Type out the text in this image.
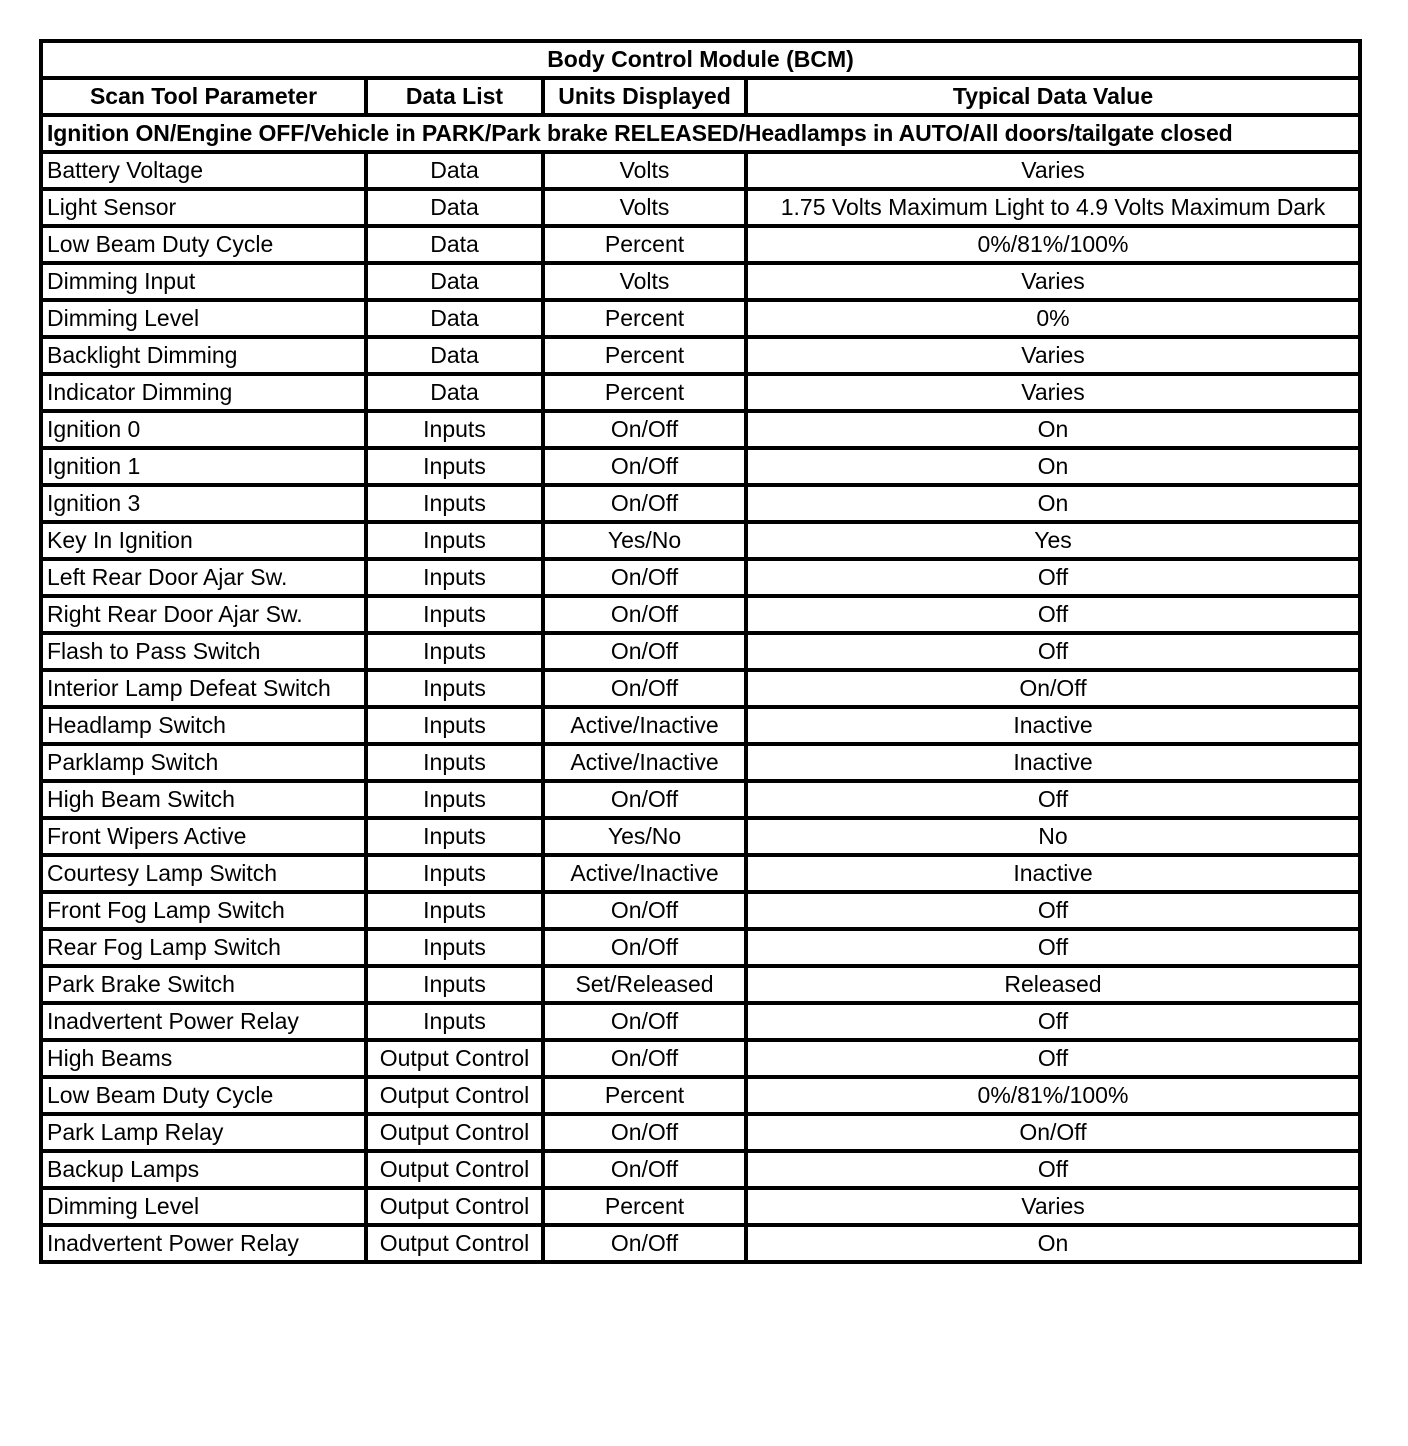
Body Control Module (BCM)			
Scan Tool Parameter	Data List	Units Displayed	Typical Data Value
Ignition ON/Engine OFF/Vehicle in PARK/Park brake RELEASED/Headlamps in AUTO/All doors/tailgate closed			
Battery Voltage	Data	Volts	Varies
Light Sensor	Data	Volts	1.75 Volts Maximum Light to 4.9 Volts Maximum Dark
Low Beam Duty Cycle	Data	Percent	0%/81%/100%
Dimming Input	Data	Volts	Varies
Dimming Level	Data	Percent	0%
Backlight Dimming	Data	Percent	Varies
Indicator Dimming	Data	Percent	Varies
Ignition 0	Inputs	On/Off	On
Ignition 1	Inputs	On/Off	On
Ignition 3	Inputs	On/Off	On
Key In Ignition	Inputs	Yes/No	Yes
Left Rear Door Ajar Sw.	Inputs	On/Off	Off
Right Rear Door Ajar Sw.	Inputs	On/Off	Off
Flash to Pass Switch	Inputs	On/Off	Off
Interior Lamp Defeat Switch	Inputs	On/Off	On/Off
Headlamp Switch	Inputs	Active/Inactive	Inactive
Parklamp Switch	Inputs	Active/Inactive	Inactive
High Beam Switch	Inputs	On/Off	Off
Front Wipers Active	Inputs	Yes/No	No
Courtesy Lamp Switch	Inputs	Active/Inactive	Inactive
Front Fog Lamp Switch	Inputs	On/Off	Off
Rear Fog Lamp Switch	Inputs	On/Off	Off
Park Brake Switch	Inputs	Set/Released	Released
Inadvertent Power Relay	Inputs	On/Off	Off
High Beams	Output Control	On/Off	Off
Low Beam Duty Cycle	Output Control	Percent	0%/81%/100%
Park Lamp Relay	Output Control	On/Off	On/Off
Backup Lamps	Output Control	On/Off	Off
Dimming Level	Output Control	Percent	Varies
Inadvertent Power Relay	Output Control	On/Off	On
